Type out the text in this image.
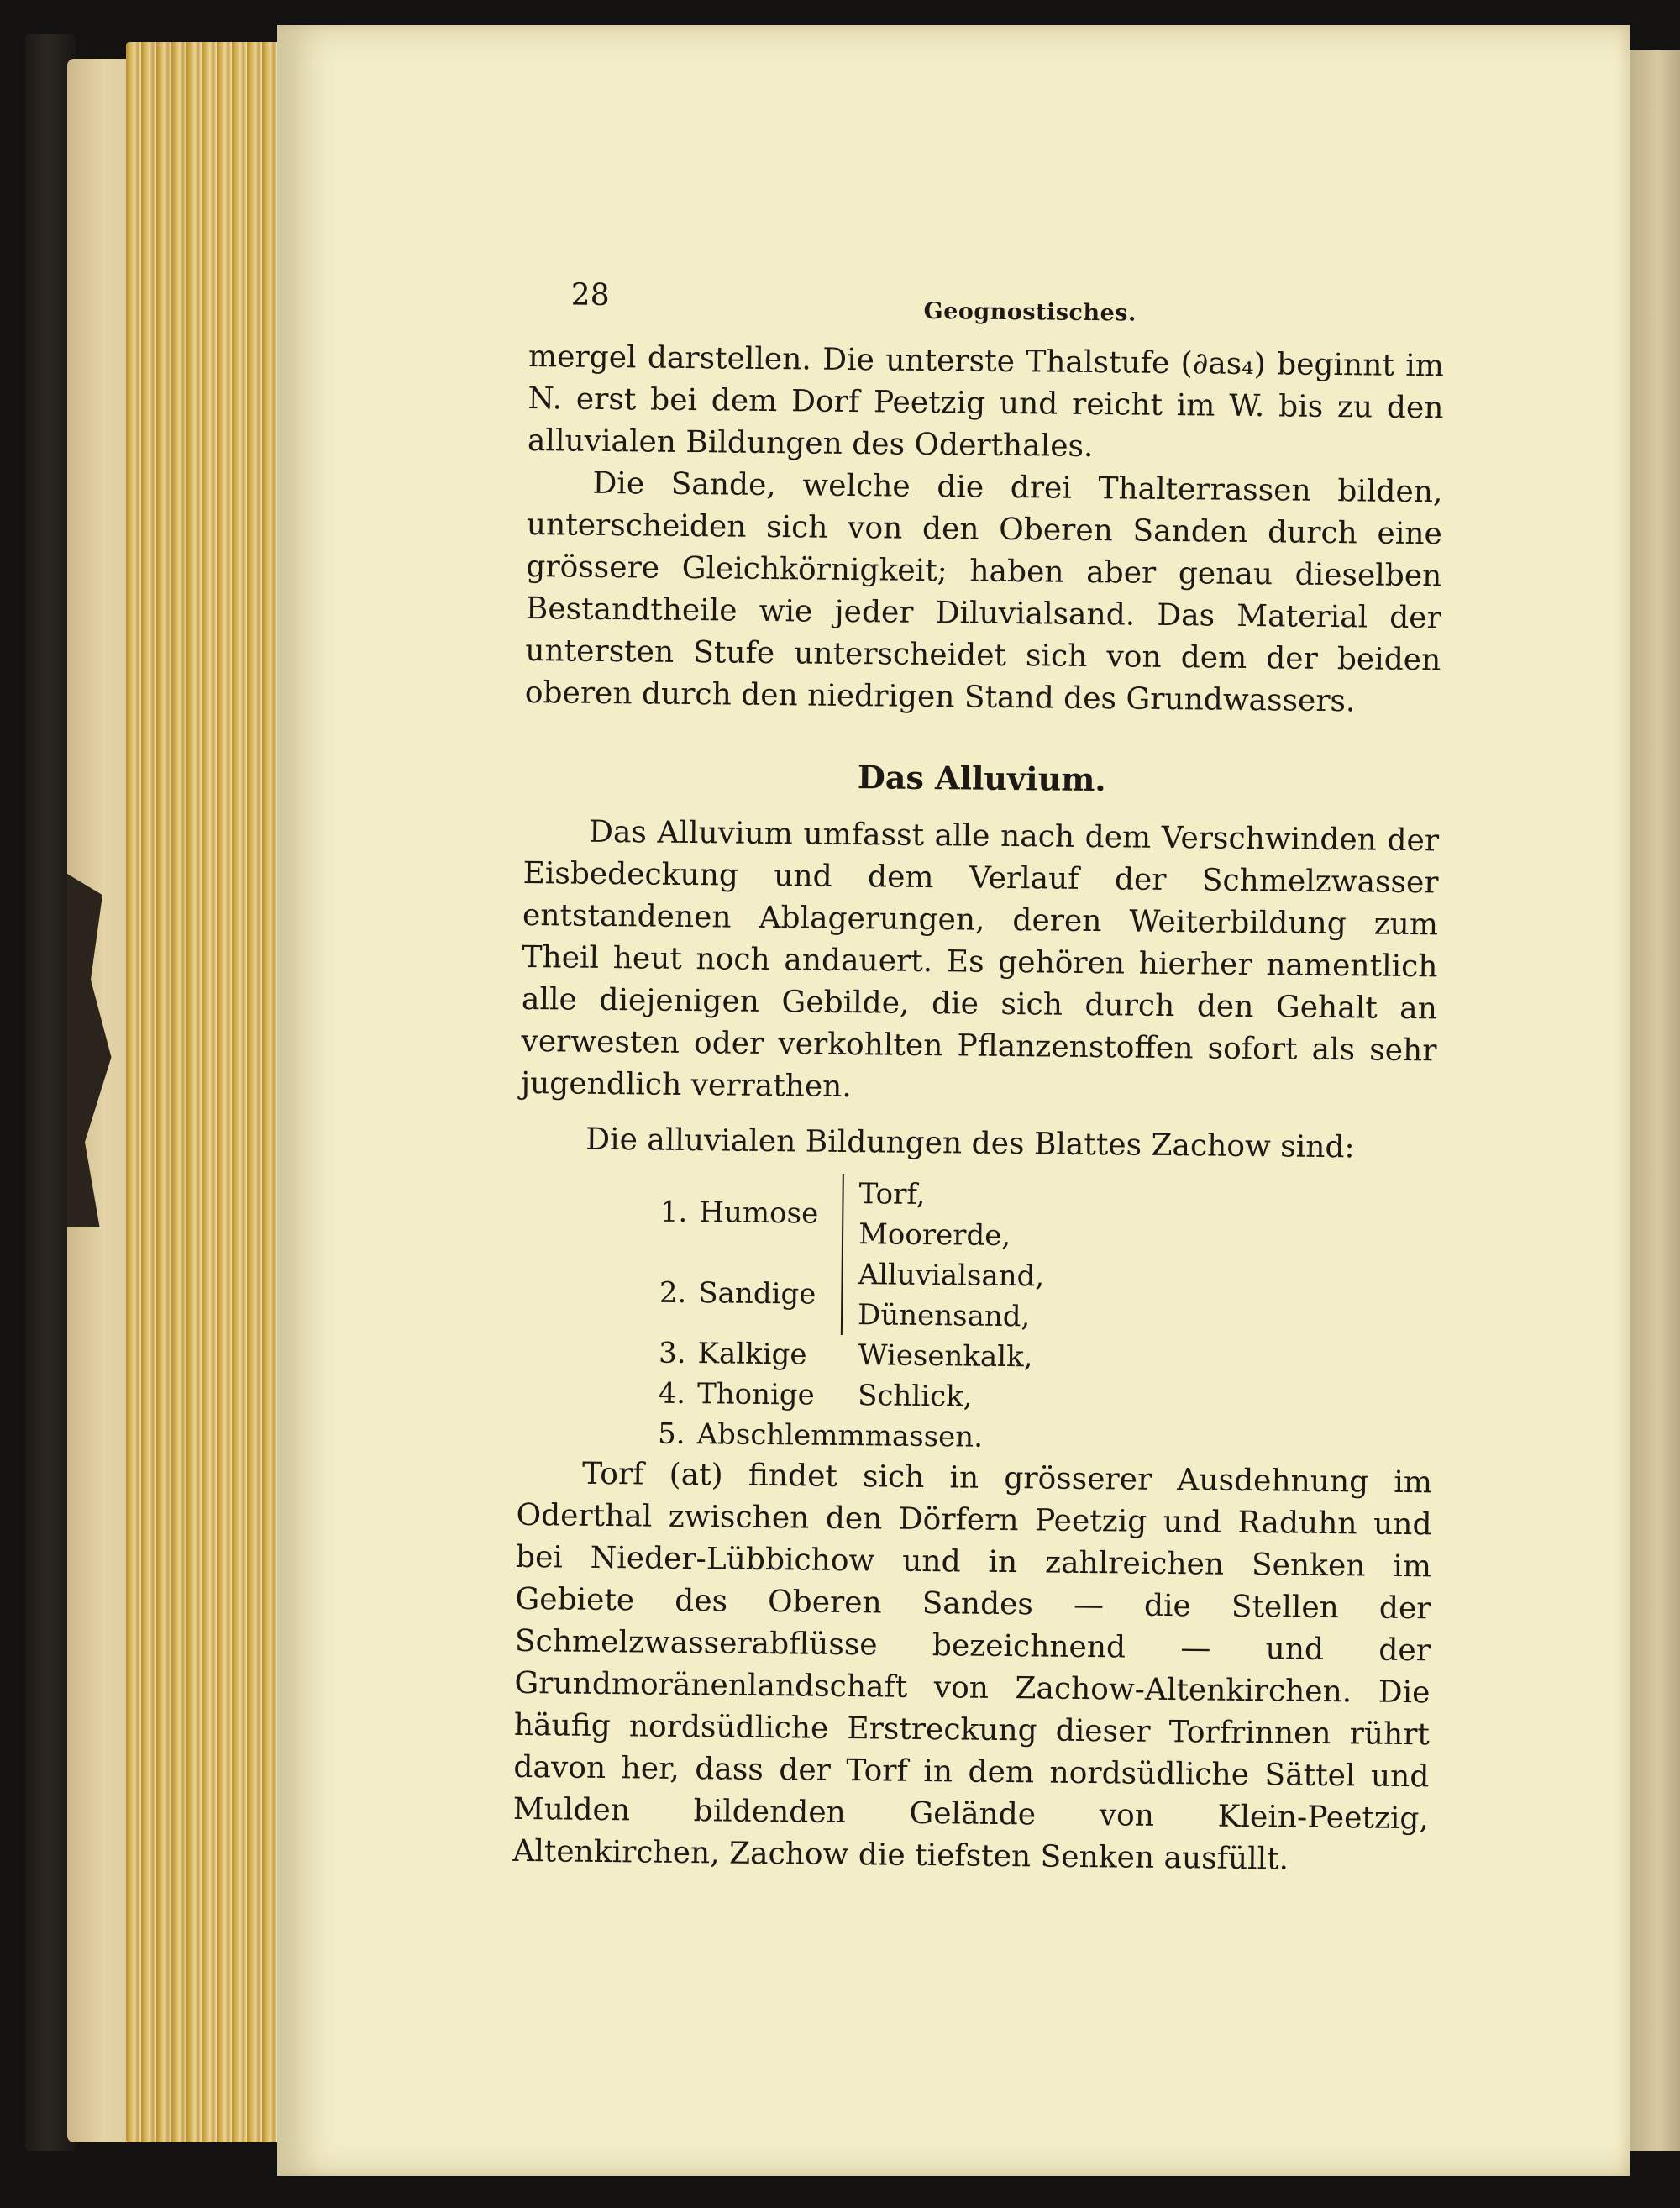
28	Geognostisches.

mergel darstellen. Die unterste Thalstufe (∂as₄) beginnt im N. erst bei dem Dorf Peetzig und reicht im W. bis zu den alluvialen Bildungen des Oderthales.

Die Sande, welche die drei Thalterrassen bilden, unterscheiden sich von den Oberen Sanden durch eine grössere Gleichkörnigkeit; haben aber genau dieselben Bestandtheile wie jeder Diluvialsand. Das Material der untersten Stufe unterscheidet sich von dem der beiden oberen durch den niedrigen Stand des Grundwassers.

Das Alluvium.

Das Alluvium umfasst alle nach dem Verschwinden der Eisbedeckung und dem Verlauf der Schmelzwasser entstandenen Ablagerungen, deren Weiterbildung zum Theil heut noch andauert. Es gehören hierher namentlich alle diejenigen Gebilde, die sich durch den Gehalt an verwesten oder verkohlten Pflanzenstoffen sofort als sehr jugendlich verrathen.

Die alluvialen Bildungen des Blattes Zachow sind:
1.	Humose	Torf,
		Moorerde,
2.	Sandige	Alluvialsand,
		Dünensand,
3.	Kalkige	Wiesenkalk,
4.	Thonige	Schlick,
5.	Abschlemmmassen.	

Torf (at) findet sich in grösserer Ausdehnung im Oderthal zwischen den Dörfern Peetzig und Raduhn und bei Nieder-Lübbichow und in zahlreichen Senken im Gebiete des Oberen Sandes — die Stellen der Schmelzwasserabflüsse bezeichnend — und der Grundmoränenlandschaft von Zachow-Altenkirchen. Die häufig nordsüdliche Erstreckung dieser Torfrinnen rührt davon her, dass der Torf in dem nordsüdliche Sättel und Mulden bildenden Gelände von Klein-Peetzig, Altenkirchen, Zachow die tiefsten Senken ausfüllt.
